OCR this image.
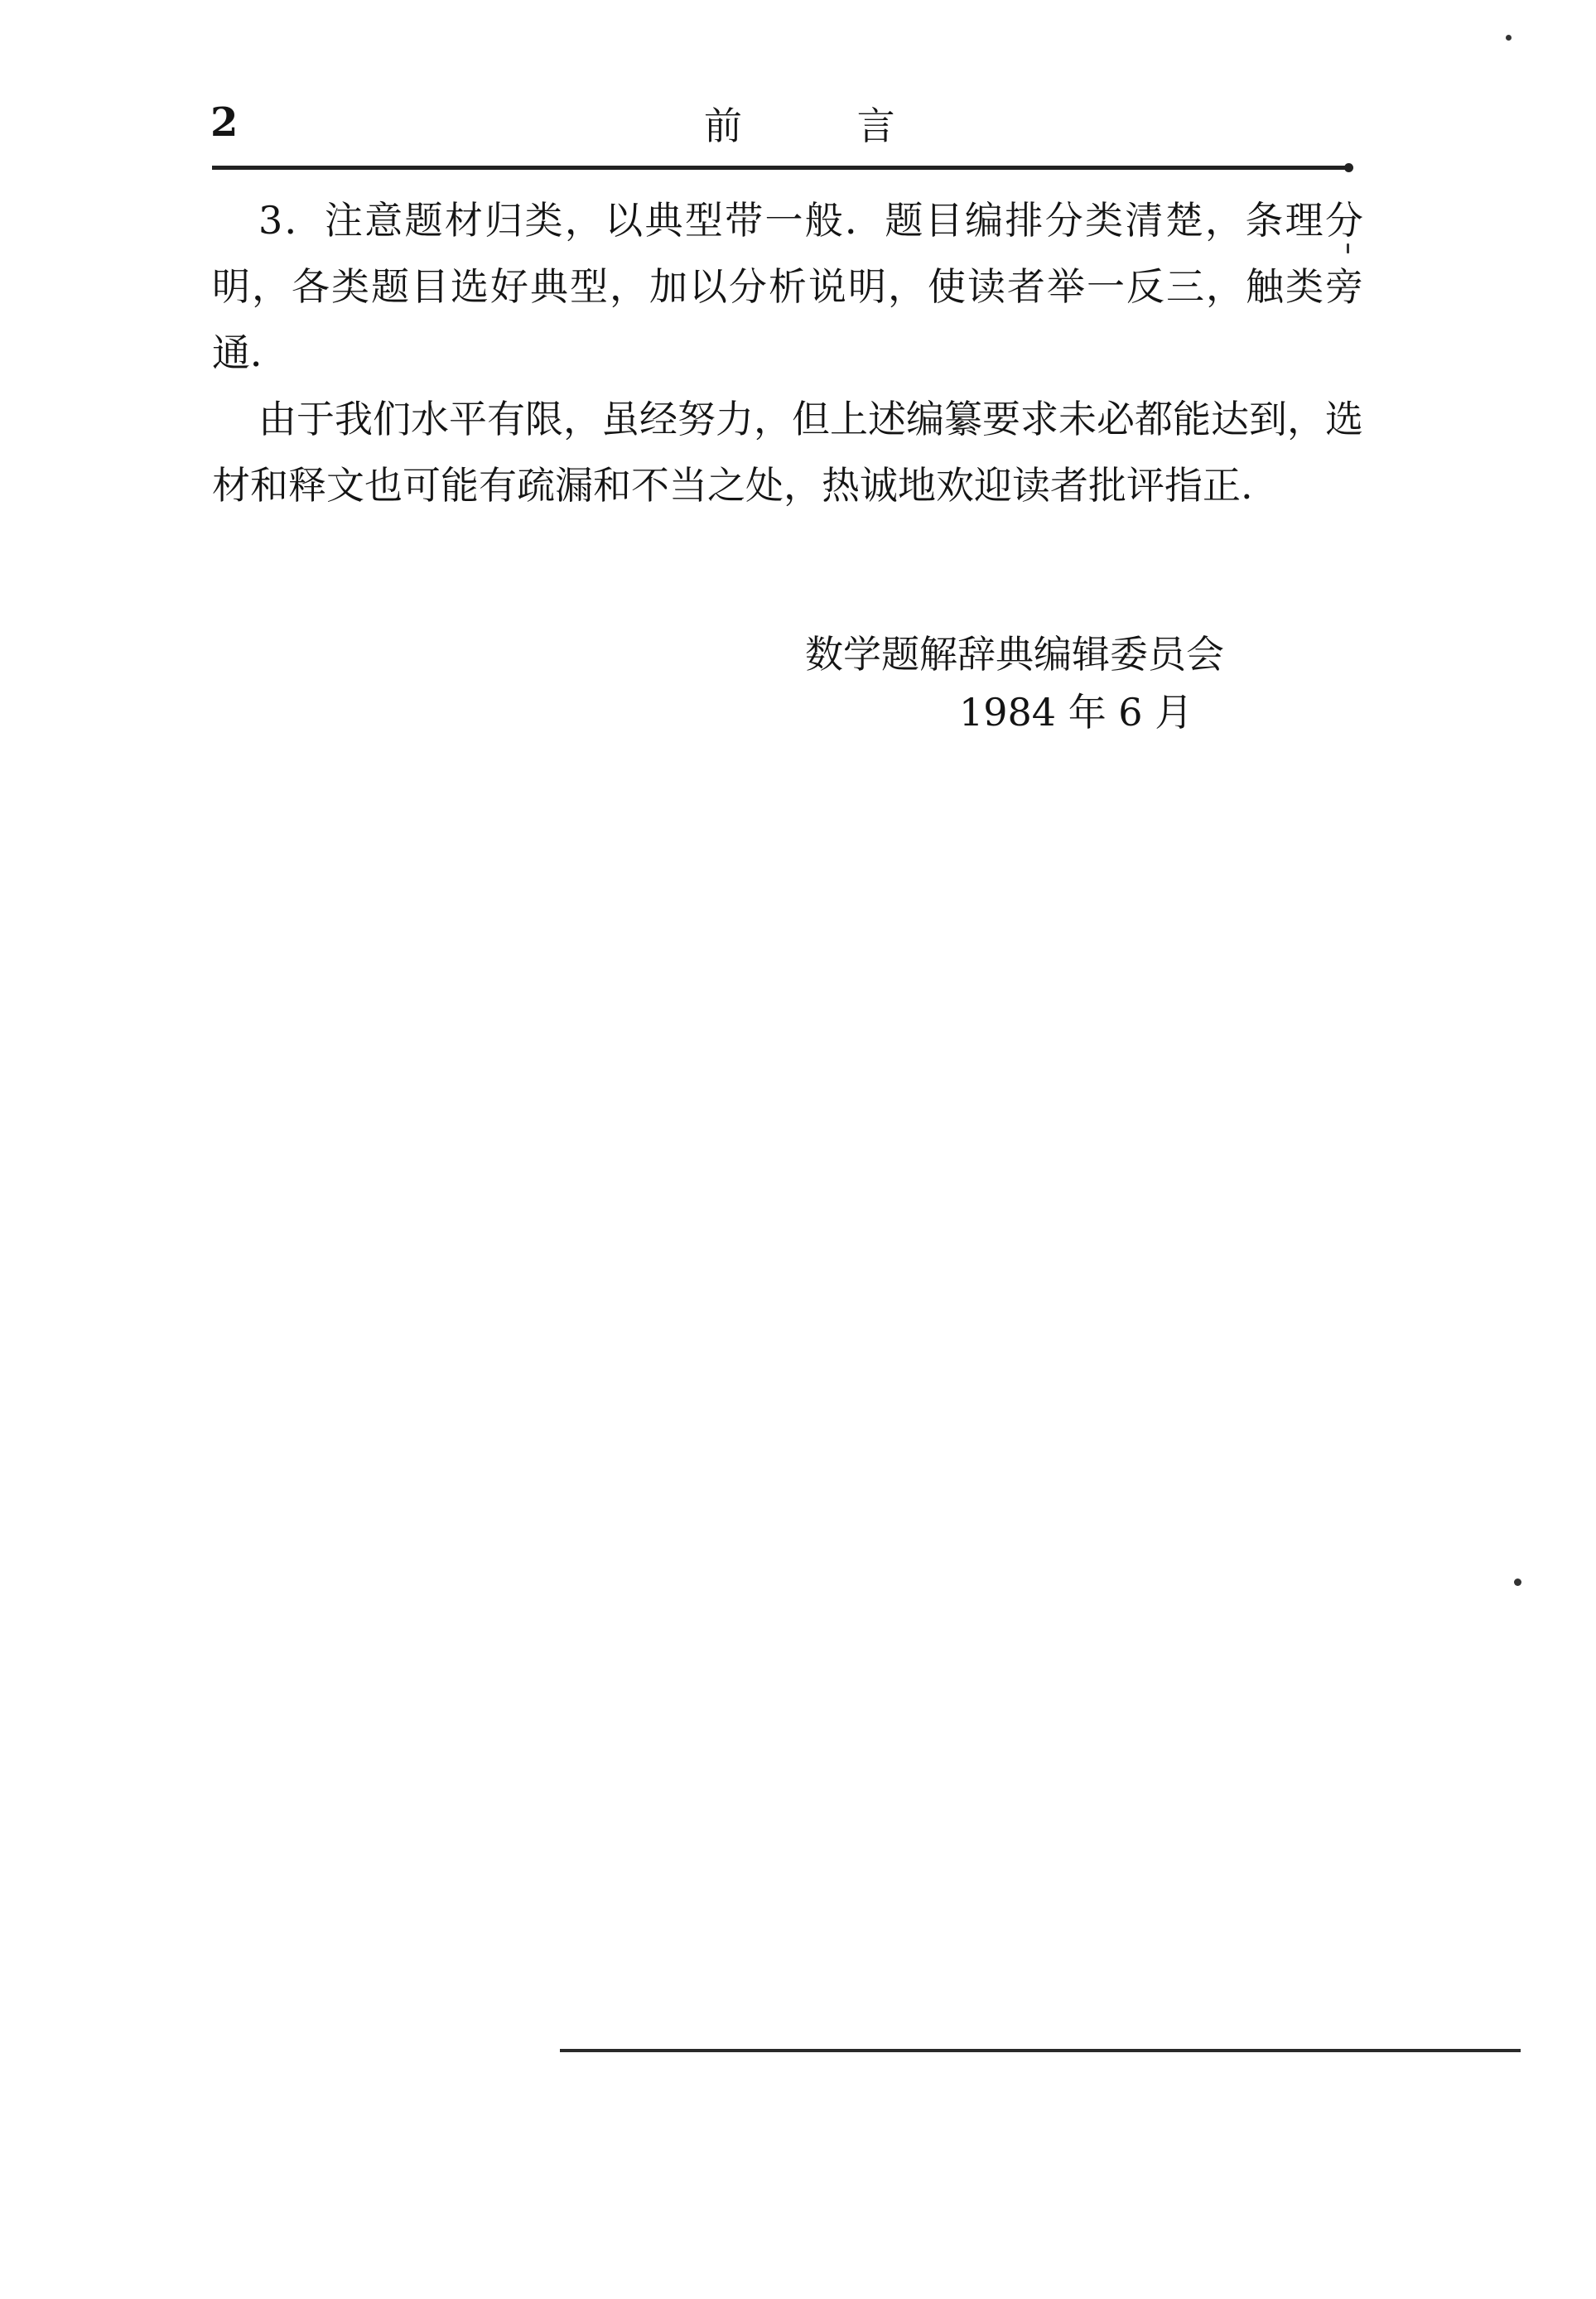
2	前 言

3．注意题材归类，以典型带一般．题目编排分类清楚，条理分明，各类题目选好典型，加以分析说明，使读者举一反三，触类旁通．

由于我们水平有限，虽经努力，但上述编纂要求未必都能达到，选材和释文也可能有疏漏和不当之处，热诚地欢迎读者批评指正.

数学题解辞典编辑委员会
1984 年 6 月
